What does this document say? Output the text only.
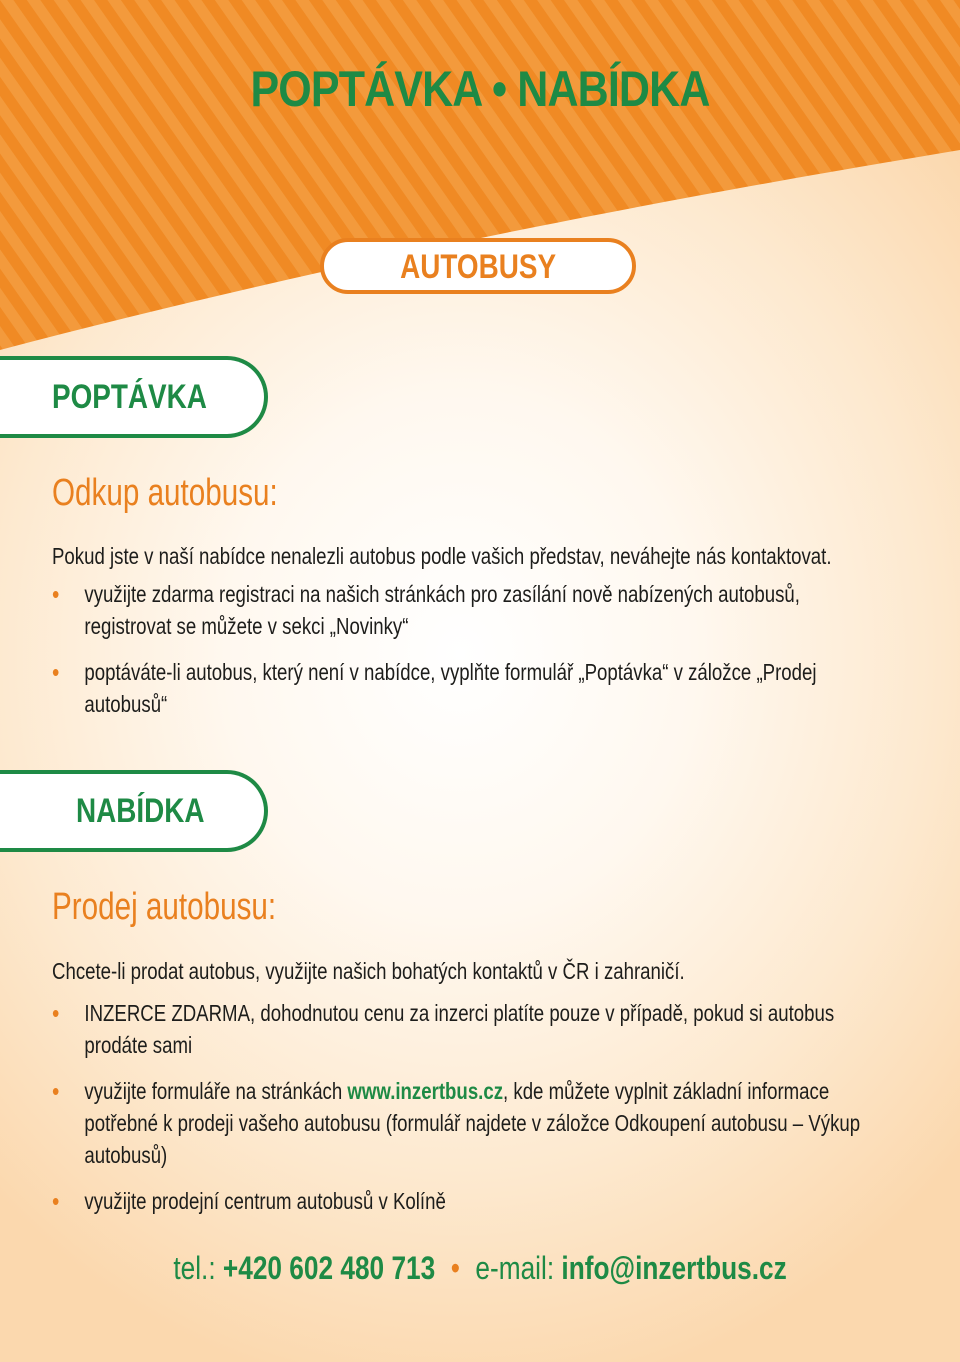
POPTÁVKA • NABÍDKA
AUTOBUSY
POPTÁVKA
Odkup autobusu:
Pokud jste v naší nabídce nenalezli autobus podle vašich představ, neváhejte nás kontaktovat.
• využijte zdarma registraci na našich stránkách pro zasílání nově nabízených autobusů, registrovat se můžete v sekci „Novinky“
• poptáváte-li autobus, který není v nabídce, vyplňte formulář „Poptávka“ v záložce „Prodej autobusů“
NABÍDKA
Prodej autobusu:
Chcete-li prodat autobus, využijte našich bohatých kontaktů v ČR i zahraničí.
• INZERCE ZDARMA, dohodnutou cenu za inzerci platíte pouze v případě, pokud si autobus prodáte sami
• využijte formuláře na stránkách www.inzertbus.cz, kde můžete vyplnit základní informace potřebné k prodeji vašeho autobusu (formulář najdete v záložce Odkoupení autobusu – Výkup autobusů)
• využijte prodejní centrum autobusů v Kolíně
tel.: +420 602 480 713 • e-mail: info@inzertbus.cz
